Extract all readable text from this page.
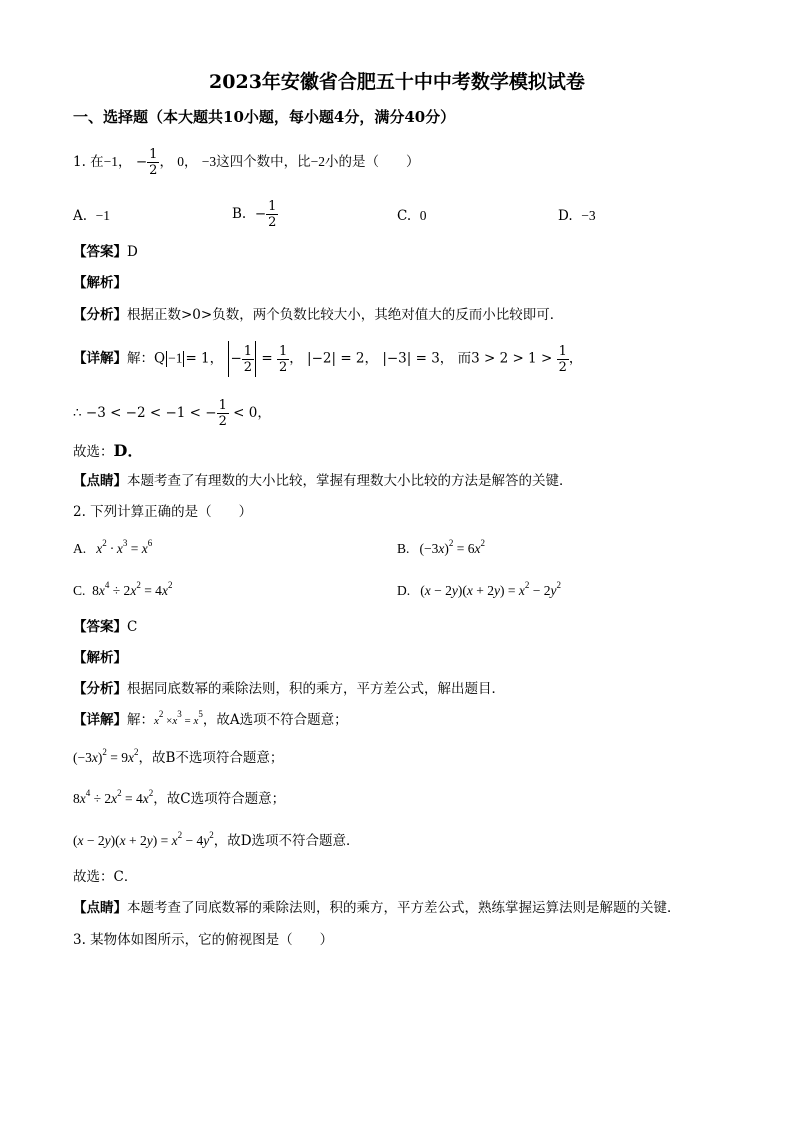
2023年安徽省合肥五十中中考数学模拟试卷
一、选择题（本大题共10小题，每小题4分，满分40分）
1. 在−1， − $\frac{1}{2}$ ， 0， −3这四个数中，比−2小的是（　　）
A. −1	B. − $\frac{1}{2}$	C. 0	D. −3
【答案】D
【解析】
【分析】根据正数>0>负数，两个负数比较大小，其绝对值大的反而小比较即可．
【详解】解：Q −1 = 1， − $\frac{1}{2} = \frac{1}{2}$ ， |−2| = 2， |−3| = 3， 而$3 > 2 > 1 > \frac{1}{2}$ ，
∴ −3 < −2 < −1 < − $\frac{1}{2} < 0$，
故选：D．
【点睛】本题考查了有理数的大小比较，掌握有理数大小比较的方法是解答的关键．
2. 下列计算正确的是（　　）
A.   $x^2 \cdot x^3 = x^6$	B. $(-3x)^2 = 6x^2$
C. $8x^4 \div 2x^2 = 4x^2$	D. $(x - 2y)(x + 2y) = x^2 - 2y^2$
【答案】C
【解析】
【分析】根据同底数幂的乘除法则，积的乘方，平方差公式，解出题目．
【详解】解：$x^2 \times x^3 = x^5$，故A选项不符合题意；
$(-3x)^2 = 9x^2$，故B不选项符合题意；
$8x^4 \div 2x^2 = 4x^2$，故C选项符合题意；
$(x - 2y)(x + 2y) = x^2 - 4y^2$，故D选项不符合题意．
故选：C．
【点睛】本题考查了同底数幂的乘除法则，积的乘方，平方差公式，熟练掌握运算法则是解题的关键．
3. 某物体如图所示，它的俯视图是（　　）
